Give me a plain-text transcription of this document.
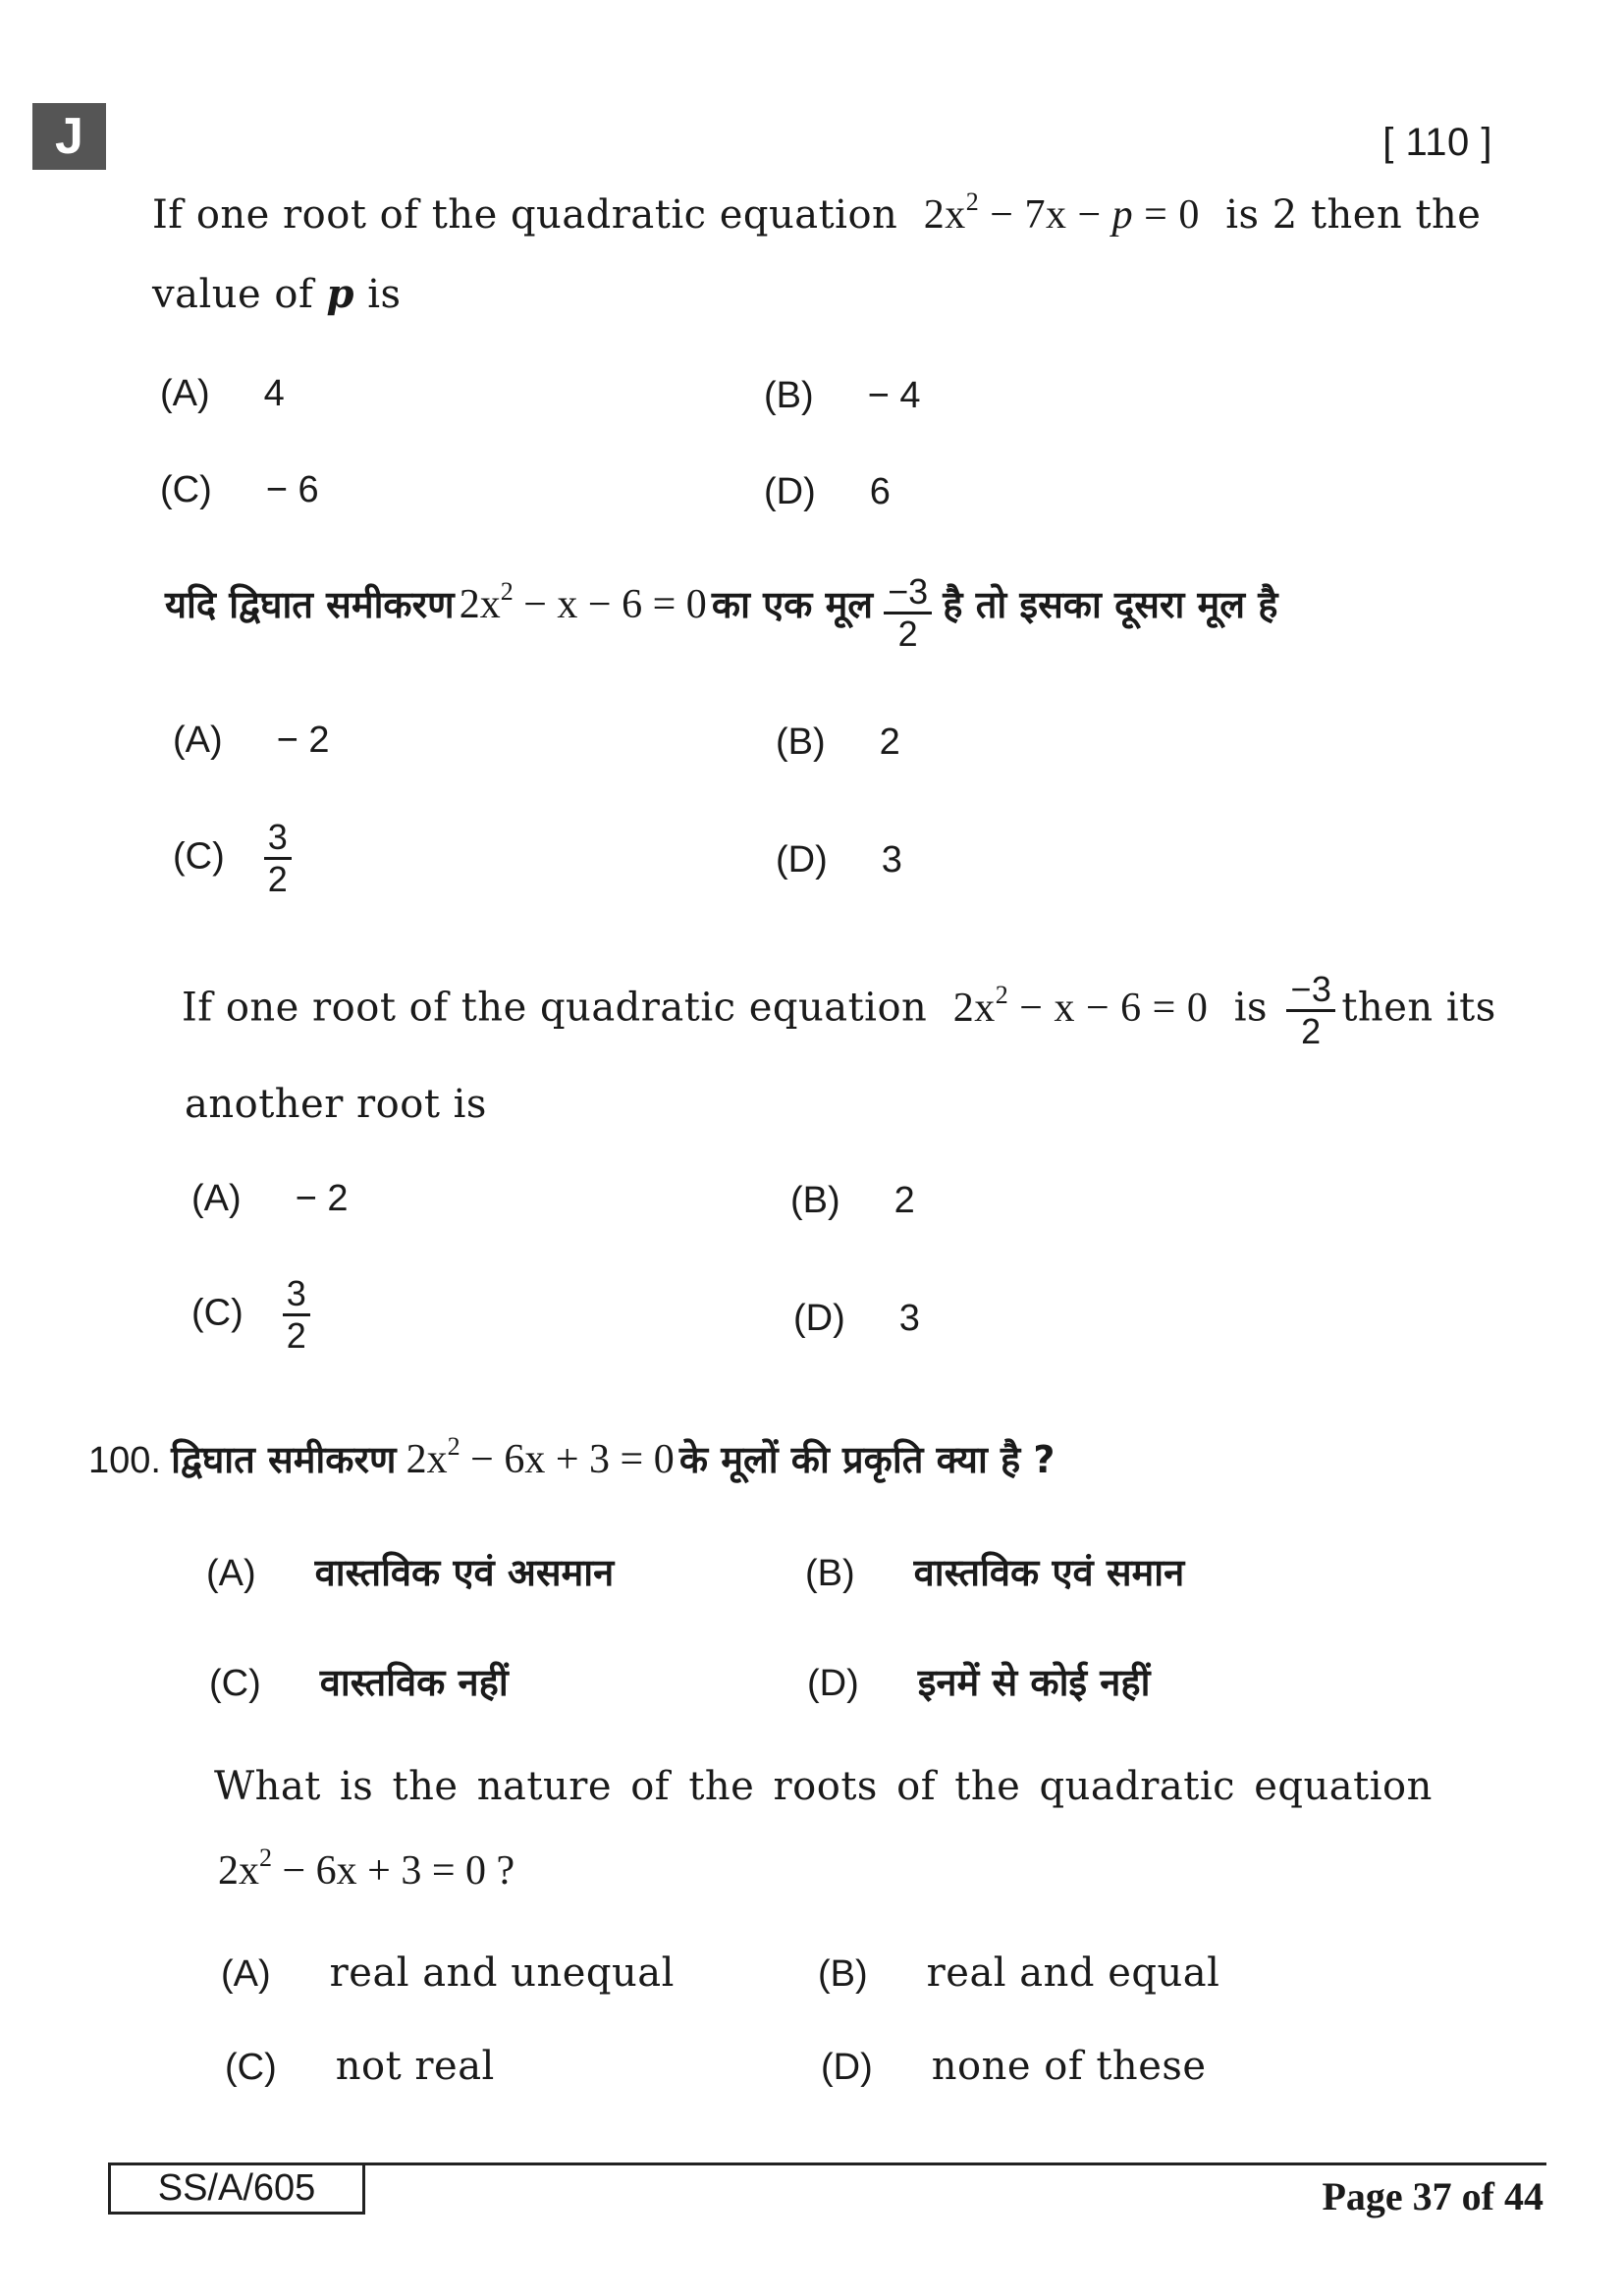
J	[ 110 ]
If one root of the quadratic equation $2x^2 - 7x - p = 0$ is 2 then the
value of p is
(A) 4	(B) − 4
(C) − 6	(D) 6
यदि द्विघात समीकरण $2x^2 - x - 6 = 0$ का एक मूल $\frac{-3}{2}$ है तो इसका दूसरा मूल है
(A) − 2	(B) 2
$(C) \frac{3}{2}$	(D) 3
If one root of the quadratic equation $2x^2 - x - 6 = 0$ is $\frac{-3}{2}$ then its
another root is
(A) − 2	(B) 2
$(C) \frac{3}{2}$	(D) 3
100. द्विघात समीकरण $2x^2 - 6x + 3 = 0$ के मूलों की प्रकृति क्या है ?
(A) वास्तविक एवं असमान	(B) वास्तविक एवं समान
(C) वास्तविक नहीं	(D) इनमें से कोई नहीं
What is the nature of the roots of the quadratic equation
$2x^2 - 6x + 3 = 0$ ?
(A) real and unequal	(B) real and equal
(C) not real	(D) none of these
SS/A/605	Page 37 of 44
